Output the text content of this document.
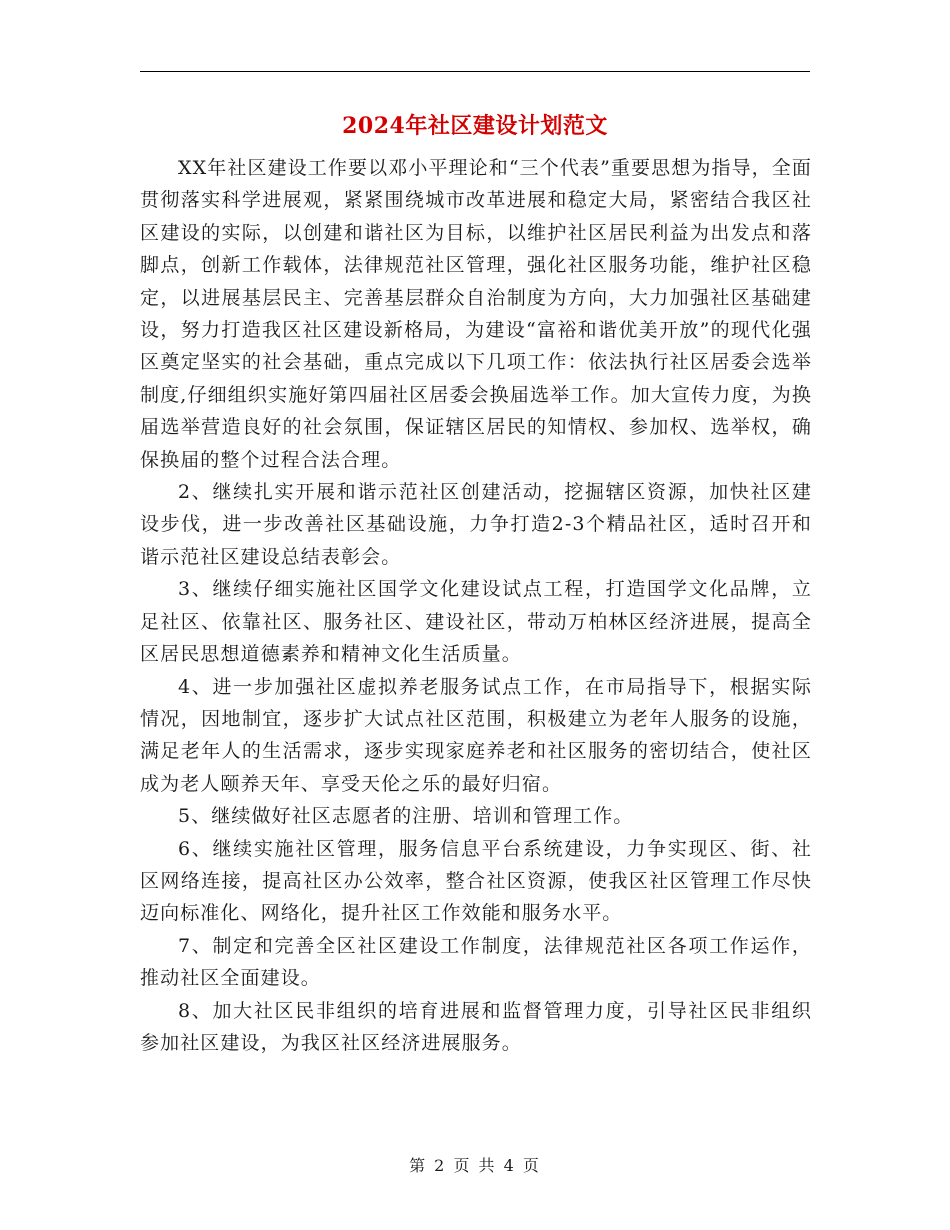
2024年社区建设计划范文

XX年社区建设工作要以邓小平理论和“三个代表”重要思想为指导，全面贯彻落实科学进展观，紧紧围绕城市改革进展和稳定大局，紧密结合我区社区建设的实际，以创建和谐社区为目标，以维护社区居民利益为出发点和落脚点，创新工作载体，法律规范社区管理，强化社区服务功能，维护社区稳定，以进展基层民主、完善基层群众自治制度为方向，大力加强社区基础建设，努力打造我区社区建设新格局，为建设“富裕和谐优美开放”的现代化强区奠定坚实的社会基础，重点完成以下几项工作：依法执行社区居委会选举制度,仔细组织实施好第四届社区居委会换届选举工作。加大宣传力度，为换届选举营造良好的社会氛围，保证辖区居民的知情权、参加权、选举权，确保换届的整个过程合法合理。

2、继续扎实开展和谐示范社区创建活动，挖掘辖区资源，加快社区建设步伐，进一步改善社区基础设施，力争打造2-3个精品社区，适时召开和谐示范社区建设总结表彰会。

3、继续仔细实施社区国学文化建设试点工程，打造国学文化品牌，立足社区、依靠社区、服务社区、建设社区，带动万柏林区经济进展，提高全区居民思想道德素养和精神文化生活质量。

4、进一步加强社区虚拟养老服务试点工作，在市局指导下，根据实际情况，因地制宜，逐步扩大试点社区范围，积极建立为老年人服务的设施，满足老年人的生活需求，逐步实现家庭养老和社区服务的密切结合，使社区成为老人颐养天年、享受天伦之乐的最好归宿。

5、继续做好社区志愿者的注册、培训和管理工作。

6、继续实施社区管理，服务信息平台系统建设，力争实现区、街、社区网络连接，提高社区办公效率，整合社区资源，使我区社区管理工作尽快迈向标准化、网络化，提升社区工作效能和服务水平。

7、制定和完善全区社区建设工作制度，法律规范社区各项工作运作，推动社区全面建设。

8、加大社区民非组织的培育进展和监督管理力度，引导社区民非组织参加社区建设，为我区社区经济进展服务。

第 2 页 共 4 页
